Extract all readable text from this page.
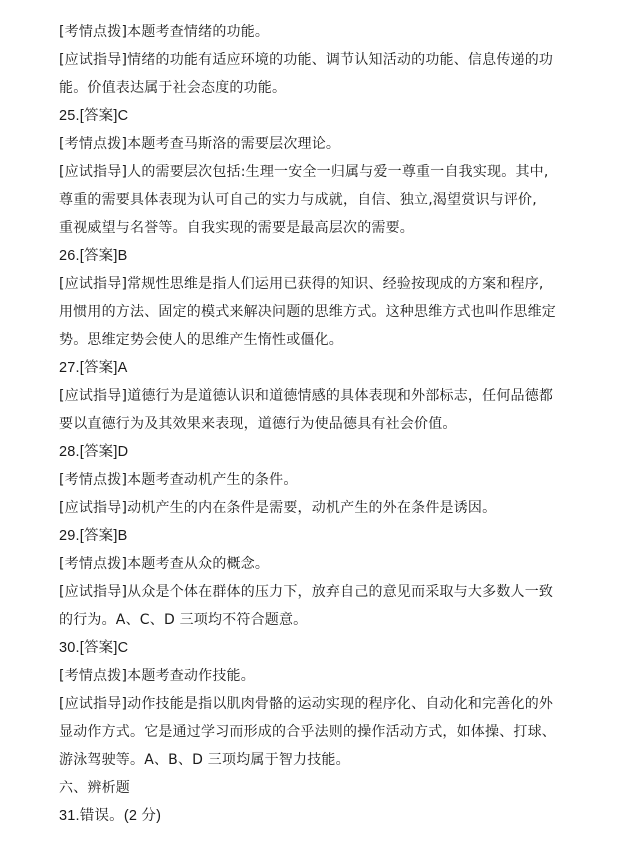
[考情点拨]本题考查情绪的功能。
[应试指导]情绪的功能有适应环境的功能、调节认知活动的功能、信息传递的功
能。价值表达属于社会态度的功能。
25.[答案]C
[考情点拨]本题考查马斯洛的需要层次理论。
[应试指导]人的需要层次包括:生理一安全一归属与爱一尊重一自我实现。其中,
尊重的需要具体表现为认可自己的实力与成就，自信、独立,渴望赏识与评价,
重视威望与名誉等。自我实现的需要是最高层次的需要。
26.[答案]B
[应试指导]常规性思维是指人们运用已获得的知识、经验按现成的方案和程序,
用惯用的方法、固定的模式来解决问题的思维方式。这种思维方式也叫作思维定
势。思维定势会使人的思维产生惰性或僵化。
27.[答案]A
[应试指导]道德行为是道德认识和道德情感的具体表现和外部标志，任何品德都
要以直德行为及其效果来表现，道德行为使品德具有社会价值。
28.[答案]D
[考情点拨]本题考查动机产生的条件。
[应试指导]动机产生的内在条件是需要，动机产生的外在条件是诱因。
29.[答案]B
[考情点拨]本题考查从众的概念。
[应试指导]从众是个体在群体的压力下，放弃自己的意见而采取与大多数人一致
的行为。A、C、D 三项均不符合题意。
30.[答案]C
[考情点拨]本题考查动作技能。
[应试指导]动作技能是指以肌肉骨骼的运动实现的程序化、自动化和完善化的外
显动作方式。它是通过学习而形成的合乎法则的操作活动方式，如体操、打球、
游泳驾驶等。A、B、D 三项均属于智力技能。
六、辨析题
31.错误。(2 分)
